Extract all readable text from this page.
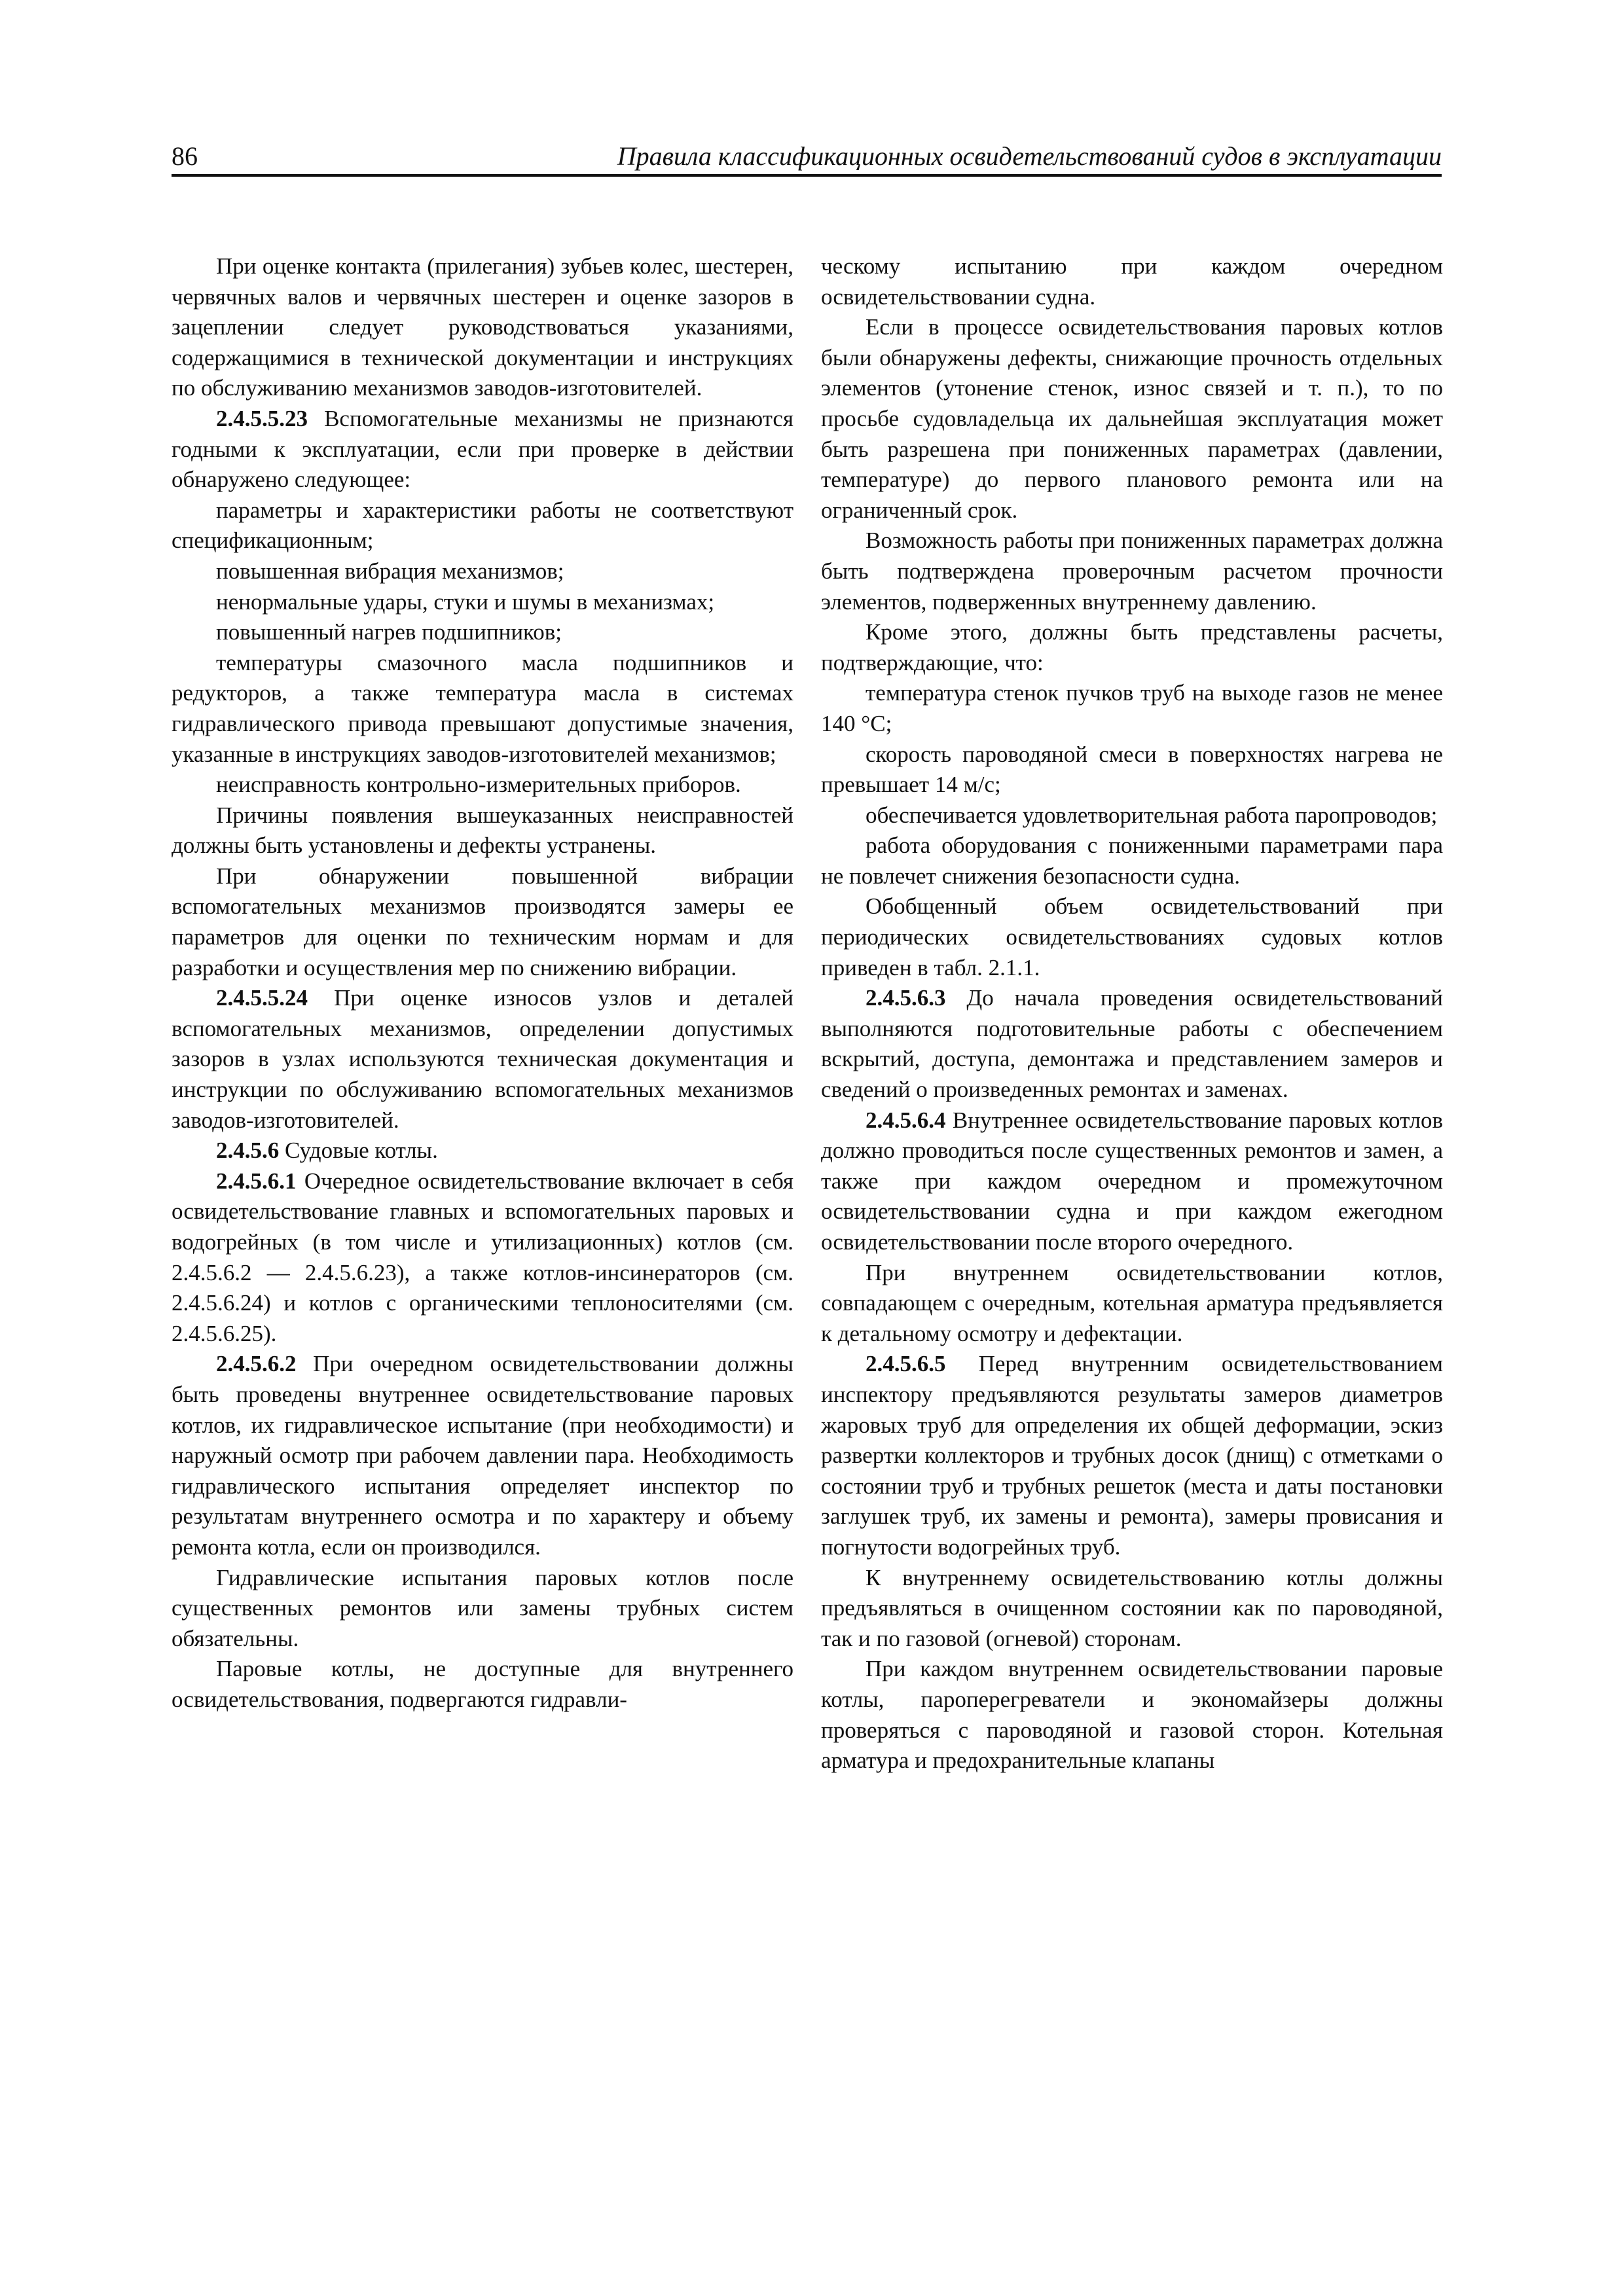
86	Правила классификационных освидетельствований судов в эксплуатации

При оценке контакта (прилегания) зубьев колес, шестерен, червячных валов и червячных шестерен и оценке зазоров в зацеплении следует руководствоваться указаниями, содержащимися в технической документации и инструкциях по обслуживанию механизмов заводов-изготовителей.

2.4.5.5.23 Вспомогательные механизмы не признаются годными к эксплуатации, если при проверке в действии обнаружено следующее:

параметры и характеристики работы не соответствуют спецификационным;

повышенная вибрация механизмов;

ненормальные удары, стуки и шумы в механизмах;

повышенный нагрев подшипников;

температуры смазочного масла подшипников и редукторов, а также температура масла в системах гидравлического привода превышают допустимые значения, указанные в инструкциях заводов-изготовителей механизмов;

неисправность контрольно-измерительных приборов.

Причины появления вышеуказанных неисправностей должны быть установлены и дефекты устранены.

При обнаружении повышенной вибрации вспомогательных механизмов производятся замеры ее параметров для оценки по техническим нормам и для разработки и осуществления мер по снижению вибрации.

2.4.5.5.24 При оценке износов узлов и деталей вспомогательных механизмов, определении допустимых зазоров в узлах используются техническая документация и инструкции по обслуживанию вспомогательных механизмов заводов-изготовителей.

2.4.5.6 Судовые котлы.

2.4.5.6.1 Очередное освидетельствование включает в себя освидетельствование главных и вспомогательных паровых и водогрейных (в том числе и утилизационных) котлов (см. 2.4.5.6.2 — 2.4.5.6.23), а также котлов-инсинераторов (см. 2.4.5.6.24) и котлов с органическими теплоносителями (см. 2.4.5.6.25).

2.4.5.6.2 При очередном освидетельствовании должны быть проведены внутреннее освидетельствование паровых котлов, их гидравлическое испытание (при необходимости) и наружный осмотр при рабочем давлении пара. Необходимость гидравлического испытания определяет инспектор по результатам внутреннего осмотра и по характеру и объему ремонта котла, если он производился.

Гидравлические испытания паровых котлов после существенных ремонтов или замены трубных систем обязательны.

Паровые котлы, не доступные для внутреннего освидетельствования, подвергаются гидравли-

ческому испытанию при каждом очередном освидетельствовании судна.

Если в процессе освидетельствования паровых котлов были обнаружены дефекты, снижающие прочность отдельных элементов (утонение стенок, износ связей и т. п.), то по просьбе судовладельца их дальнейшая эксплуатация может быть разрешена при пониженных параметрах (давлении, температуре) до первого планового ремонта или на ограниченный срок.

Возможность работы при пониженных параметрах должна быть подтверждена проверочным расчетом прочности элементов, подверженных внутреннему давлению.

Кроме этого, должны быть представлены расчеты, подтверждающие, что:

температура стенок пучков труб на выходе газов не менее 140 °С;

скорость пароводяной смеси в поверхностях нагрева не превышает 14 м/с;

обеспечивается удовлетворительная работа паропроводов;

работа оборудования с пониженными параметрами пара не повлечет снижения безопасности судна.

Обобщенный объем освидетельствований при периодических освидетельствованиях судовых котлов приведен в табл. 2.1.1.

2.4.5.6.3 До начала проведения освидетельствований выполняются подготовительные работы с обеспечением вскрытий, доступа, демонтажа и представлением замеров и сведений о произведенных ремонтах и заменах.

2.4.5.6.4 Внутреннее освидетельствование паровых котлов должно проводиться после существенных ремонтов и замен, а также при каждом очередном и промежуточном освидетельствовании судна и при каждом ежегодном освидетельствовании после второго очередного.

При внутреннем освидетельствовании котлов, совпадающем с очередным, котельная арматура предъявляется к детальному осмотру и дефектации.

2.4.5.6.5 Перед внутренним освидетельствованием инспектору предъявляются результаты замеров диаметров жаровых труб для определения их общей деформации, эскиз развертки коллекторов и трубных досок (днищ) с отметками о состоянии труб и трубных решеток (места и даты постановки заглушек труб, их замены и ремонта), замеры провисания и погнутости водогрейных труб.

К внутреннему освидетельствованию котлы должны предъявляться в очищенном состоянии как по пароводяной, так и по газовой (огневой) сторонам.

При каждом внутреннем освидетельствовании паровые котлы, пароперегреватели и экономайзеры должны проверяться с пароводяной и газовой сторон. Котельная арматура и предохранительные клапаны
